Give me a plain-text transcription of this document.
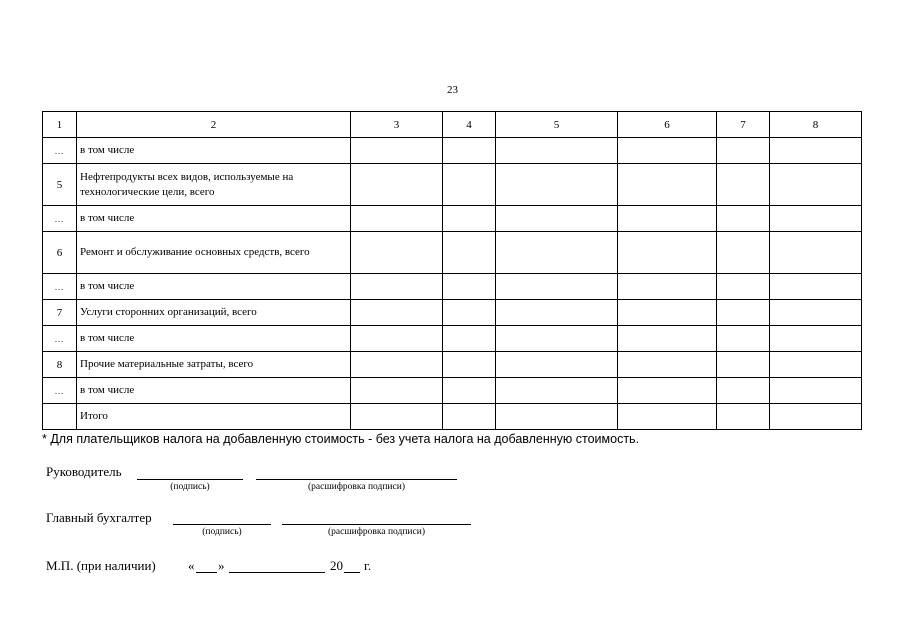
23
1	2	3	4	5	6	7	8
…	в том числе						
5	Нефтепродукты всех видов, используемые на технологические цели, всего						
…	в том числе						
6	Ремонт и обслуживание основных средств, всего						
…	в том числе						
7	Услуги сторонних организаций, всего						
…	в том числе						
8	Прочие материальные затраты, всего						
…	в том числе						
	Итого						
* Для плательщиков налога на добавленную стоимость - без учета налога на добавленную стоимость.
Руководитель
(подпись)	(расшифровка подписи)
Главный бухгалтер
(подпись)	(расшифровка подписи)
М.П. (при наличии) « »	20 г.
